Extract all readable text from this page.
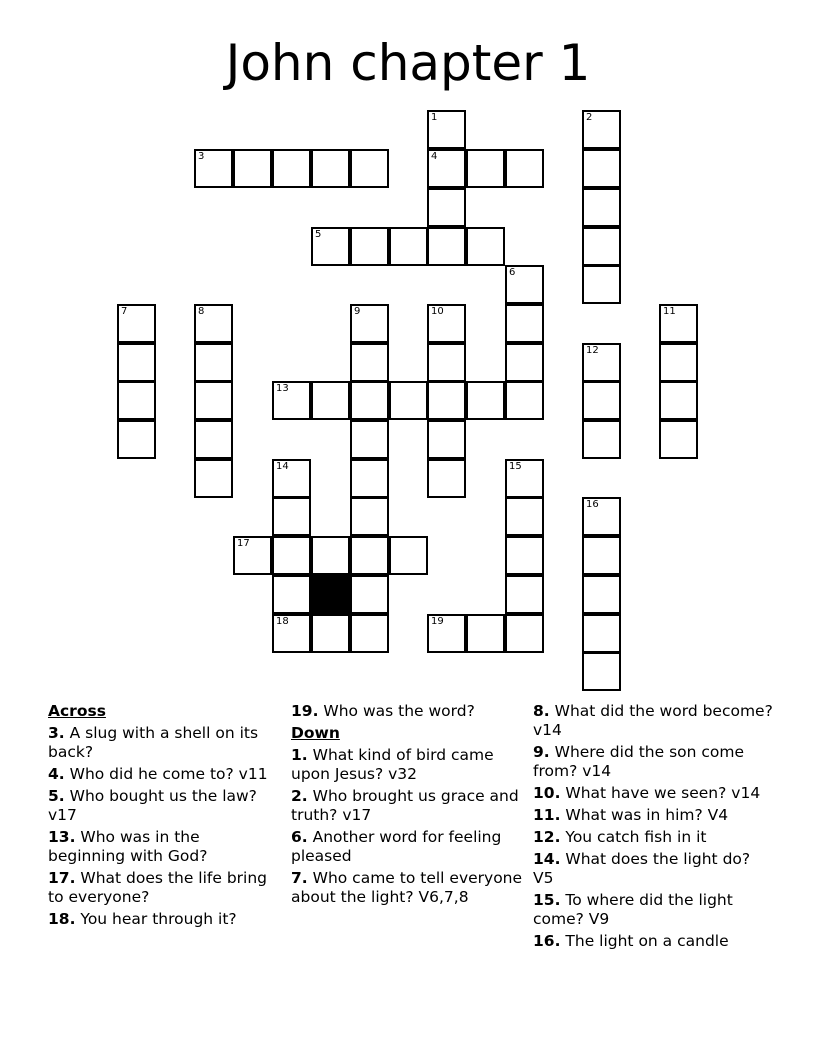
John chapter 1
1	2
3	4
5
6
7	8	9	10	11
12
13
14	15
16
17
18	19
Across
3. A slug with a shell on its back?
4. Who did he come to? v11
5. Who bought us the law? v17
13. Who was in the beginning with God?
17. What does the life bring to everyone?
18. You hear through it?
19. Who was the word?
Down
1. What kind of bird came upon Jesus? v32
2. Who brought us grace and truth? v17
6. Another word for feeling pleased
7. Who came to tell everyone about the light? V6,7,8
8. What did the word become? v14
9. Where did the son come from? v14
10. What have we seen? v14
11. What was in him? V4
12. You catch fish in it
14. What does the light do? V5
15. To where did the light come? V9
16. The light on a candle
